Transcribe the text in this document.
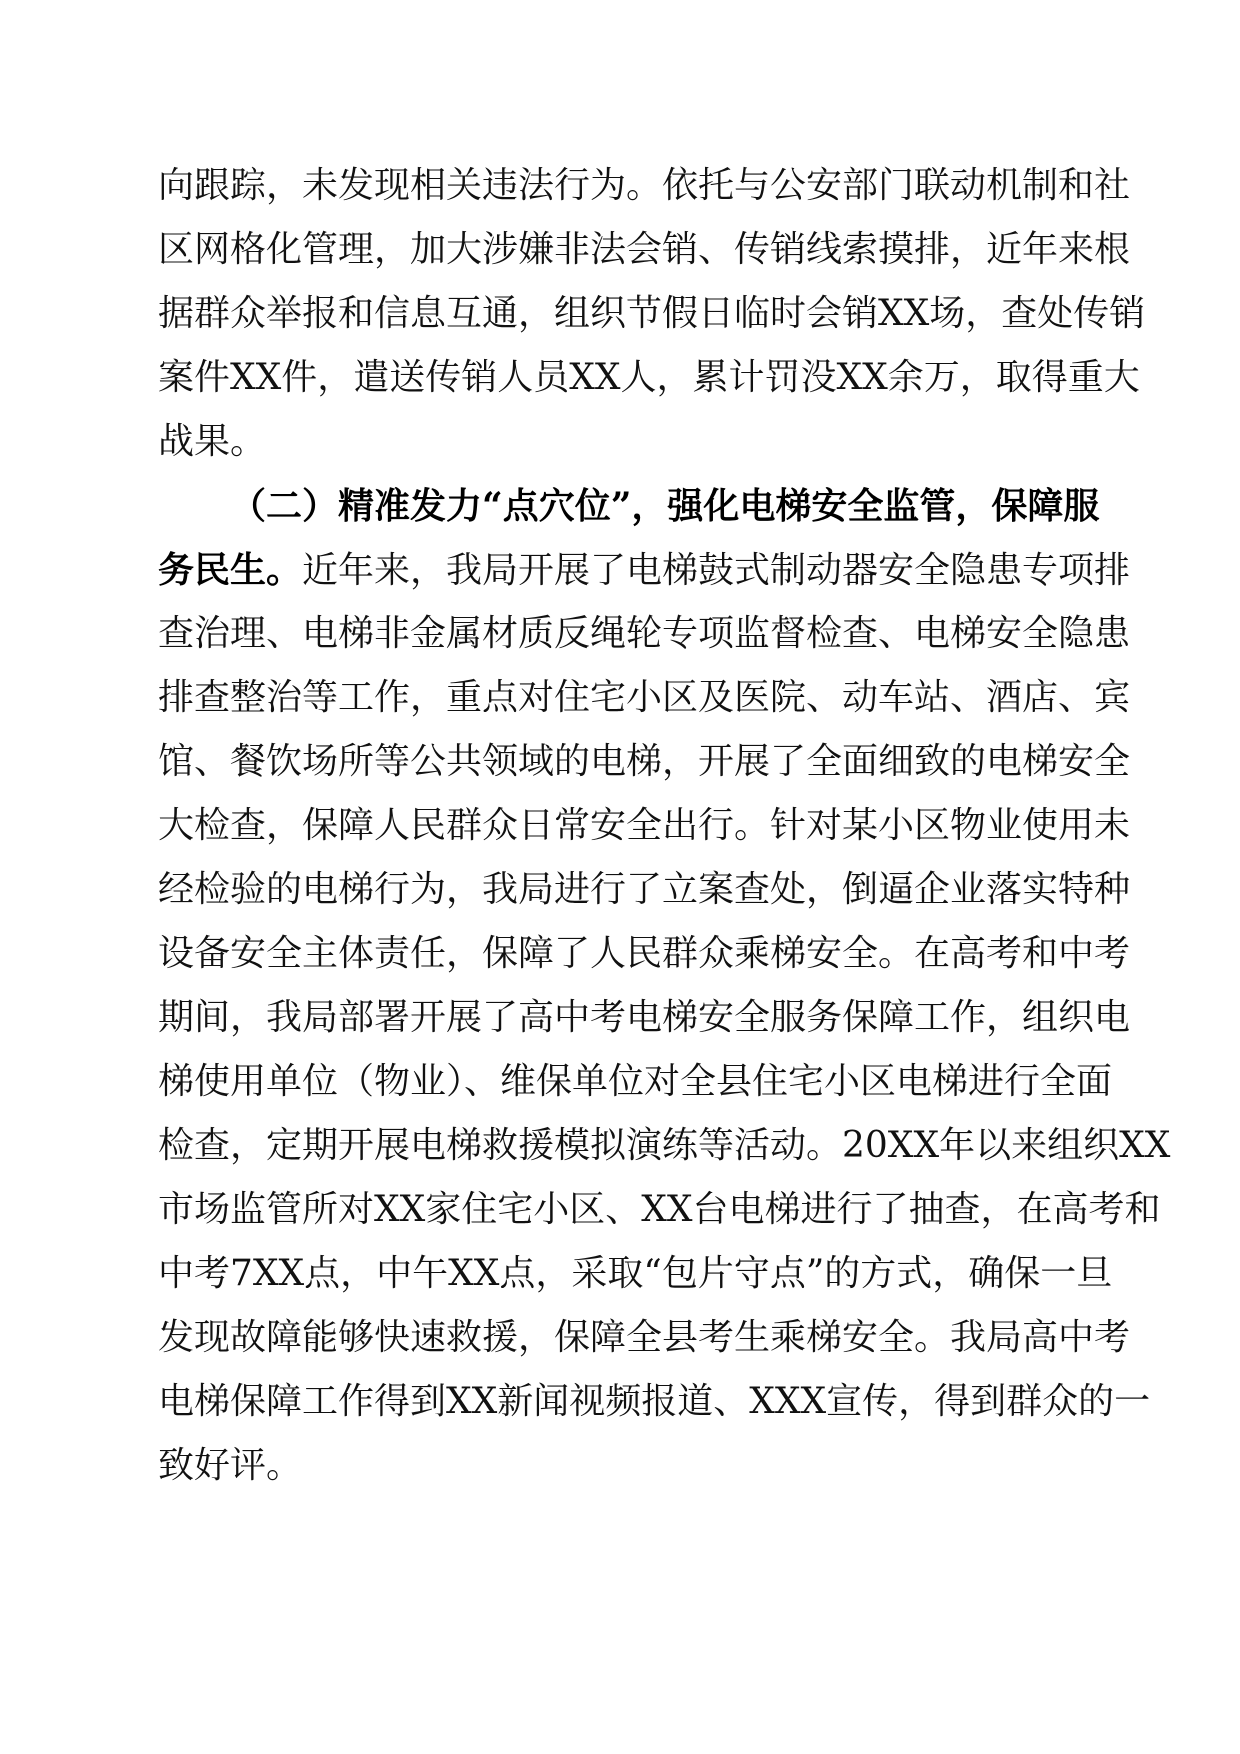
向跟踪，未发现相关违法行为。依托与公安部门联动机制和社
区网格化管理，加大涉嫌非法会销、传销线索摸排，近年来根
据群众举报和信息互通，组织节假日临时会销XX场，查处传销
案件XX件，遣送传销人员XX人，累计罚没XX余万，取得重大
战果。
（二）精准发力“点穴位”，强化电梯安全监管，保障服
务民生。近年来，我局开展了电梯鼓式制动器安全隐患专项排
查治理、电梯非金属材质反绳轮专项监督检查、电梯安全隐患
排查整治等工作，重点对住宅小区及医院、动车站、酒店、宾
馆、餐饮场所等公共领域的电梯，开展了全面细致的电梯安全
大检查，保障人民群众日常安全出行。针对某小区物业使用未
经检验的电梯行为，我局进行了立案查处，倒逼企业落实特种
设备安全主体责任，保障了人民群众乘梯安全。在高考和中考
期间，我局部署开展了高中考电梯安全服务保障工作，组织电
梯使用单位（物业）、维保单位对全县住宅小区电梯进行全面
检查，定期开展电梯救援模拟演练等活动。20XX年以来组织XX
市场监管所对XX家住宅小区、XX台电梯进行了抽查，在高考和
中考7XX点，中午XX点，采取“包片守点”的方式，确保一旦
发现故障能够快速救援，保障全县考生乘梯安全。我局高中考
电梯保障工作得到XX新闻视频报道、XXX宣传，得到群众的一
致好评。
